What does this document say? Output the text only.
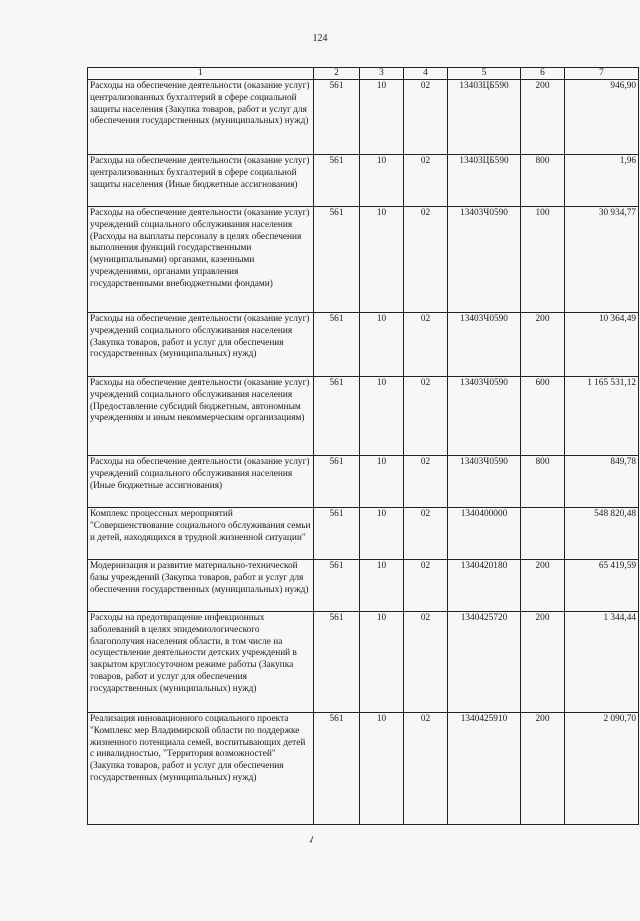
124
1	2	3	4	5	6	7
Расходы на обеспечение деятельности (оказание услуг) централизованных бухгалтерий в сфере социальной защиты населения (Закупка товаров, работ и услуг для обеспечения государственных (муниципальных) нужд)	561	10	02	13403ЦБ590	200	946,90
Расходы на обеспечение деятельности (оказание услуг) централизованных бухгалтерий в сфере социальной защиты населения (Иные бюджетные ассигнования)	561	10	02	13403ЦБ590	800	1,96
Расходы на обеспечение деятельности (оказание услуг) учреждений социального обслуживания населения (Расходы на выплаты персоналу в целях обеспечения выполнения функций государственными (муниципальными) органами, казенными учреждениями, органами управления государственными внебюджетными фондами)	561	10	02	13403Ч0590	100	30 934,77
Расходы на обеспечение деятельности (оказание услуг) учреждений социального обслуживания населения (Закупка товаров, работ и услуг для обеспечения государственных (муниципальных) нужд)	561	10	02	13403Ч0590	200	10 364,49
Расходы на обеспечение деятельности (оказание услуг) учреждений социального обслуживания населения (Предоставление субсидий бюджетным, автономным учреждениям и иным некоммерческим организациям)	561	10	02	13403Ч0590	600	1 165 531,12
Расходы на обеспечение деятельности (оказание услуг) учреждений социального обслуживания населения (Иные бюджетные ассигнования)	561	10	02	13403Ч0590	800	849,78
Комплекс процессных мероприятий "Совершенствование социального обслуживания семьи и детей, находящихся в трудной жизненной ситуации"	561	10	02	1340400000		548 820,48
Модернизация и развитие материально-технической базы учреждений (Закупка товаров, работ и услуг для обеспечения государственных (муниципальных) нужд)	561	10	02	1340420180	200	65 419,59
Расходы на предотвращение инфекционных заболеваний в целях эпидемиологического благополучия населения области, в том числе на осуществление деятельности детских учреждений в закрытом круглосуточном режиме работы (Закупка товаров, работ и услуг для обеспечения государственных (муниципальных) нужд)	561	10	02	1340425720	200	1 344,44
Реализация инновационного социального проекта "Комплекс мер Владимирской области по поддержке жизненного потенциала семей, воспитывающих детей с инвалидностью, "Территория возможностей" (Закупка товаров, работ и услуг для обеспечения государственных (муниципальных) нужд)	561	10	02	1340425910	200	2 090,70
✓
